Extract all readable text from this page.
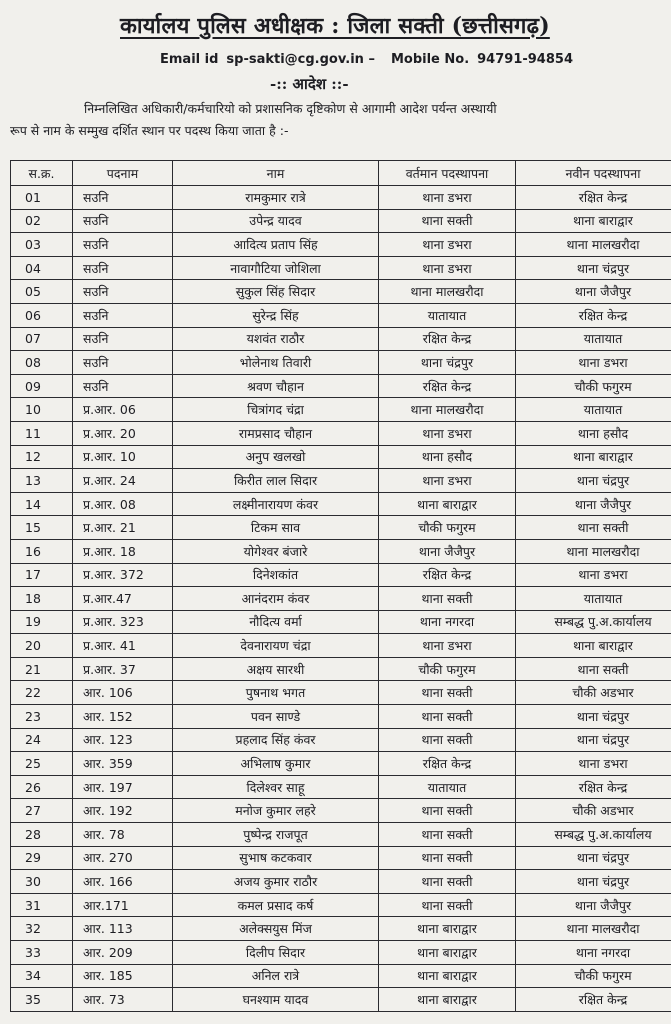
कार्यालय पुलिस अधीक्षक : जिला सक्ती (छत्तीसगढ़)
Email id sp-sakti@cg.gov.in – Mobile No. 94791-94854
-:: आदेश ::-
निम्नलिखित अधिकारी/कर्मचारियो को प्रशासनिक दृष्टिकोण से आगामी आदेश पर्यन्त अस्थायी
रूप से नाम के सम्मुख दर्शित स्थान पर पदस्थ किया जाता है :-
स.क्र.	पदनाम	नाम	वर्तमान पदस्थापना	नवीन पदस्थापना
01	सउनि	रामकुमार रात्रे	थाना डभरा	रक्षित केन्द्र
02	सउनि	उपेन्द्र यादव	थाना सक्ती	थाना बाराद्वार
03	सउनि	आदित्य प्रताप सिंह	थाना डभरा	थाना मालखरौदा
04	सउनि	नावागौटिया जोशिला	थाना डभरा	थाना चंद्रपुर
05	सउनि	सुकुल सिंह सिदार	थाना मालखरौदा	थाना जैजैपुर
06	सउनि	सुरेन्द्र सिंह	यातायात	रक्षित केन्द्र
07	सउनि	यशवंत राठौर	रक्षित केन्द्र	यातायात
08	सउनि	भोलेनाथ तिवारी	थाना चंद्रपुर	थाना डभरा
09	सउनि	श्रवण चौहान	रक्षित केन्द्र	चौकी फगुरम
10	प्र.आर. 06	चित्रांगद चंद्रा	थाना मालखरौदा	यातायात
11	प्र.आर. 20	रामप्रसाद चौहान	थाना डभरा	थाना हसौद
12	प्र.आर. 10	अनुप खलखो	थाना हसौद	थाना बाराद्वार
13	प्र.आर. 24	किरीत लाल सिदार	थाना डभरा	थाना चंद्रपुर
14	प्र.आर. 08	लक्ष्मीनारायण कंवर	थाना बाराद्वार	थाना जैजैपुर
15	प्र.आर. 21	टिकम साव	चौकी फगुरम	थाना सक्ती
16	प्र.आर. 18	योगेश्वर बंजारे	थाना जैजैपुर	थाना मालखरौदा
17	प्र.आर. 372	दिनेशकांत	रक्षित केन्द्र	थाना डभरा
18	प्र.आर.47	आनंदराम कंवर	थाना सक्ती	यातायात
19	प्र.आर. 323	नौदित्य वर्मा	थाना नगरदा	सम्बद्ध पु.अ.कार्यालय
20	प्र.आर. 41	देवनारायण चंद्रा	थाना डभरा	थाना बाराद्वार
21	प्र.आर. 37	अक्षय सारथी	चौकी फगुरम	थाना सक्ती
22	आर. 106	पुषनाथ भगत	थाना सक्ती	चौकी अडभार
23	आर. 152	पवन साण्डे	थाना सक्ती	थाना चंद्रपुर
24	आर. 123	प्रहलाद सिंह कंवर	थाना सक्ती	थाना चंद्रपुर
25	आर. 359	अभिलाष कुमार	रक्षित केन्द्र	थाना डभरा
26	आर. 197	दिलेश्वर साहू	यातायात	रक्षित केन्द्र
27	आर. 192	मनोज कुमार लहरे	थाना सक्ती	चौकी अडभार
28	आर. 78	पुष्पेन्द्र राजपूत	थाना सक्ती	सम्बद्ध पु.अ.कार्यालय
29	आर. 270	सुभाष कटकवार	थाना सक्ती	थाना चंद्रपुर
30	आर. 166	अजय कुमार राठौर	थाना सक्ती	थाना चंद्रपुर
31	आर.171	कमल प्रसाद कर्ष	थाना सक्ती	थाना जैजैपुर
32	आर. 113	अलेक्सयुस मिंज	थाना बाराद्वार	थाना मालखरौदा
33	आर. 209	दिलीप सिदार	थाना बाराद्वार	थाना नगरदा
34	आर. 185	अनिल रात्रे	थाना बाराद्वार	चौकी फगुरम
35	आर. 73	घनश्याम यादव	थाना बाराद्वार	रक्षित केन्द्र
